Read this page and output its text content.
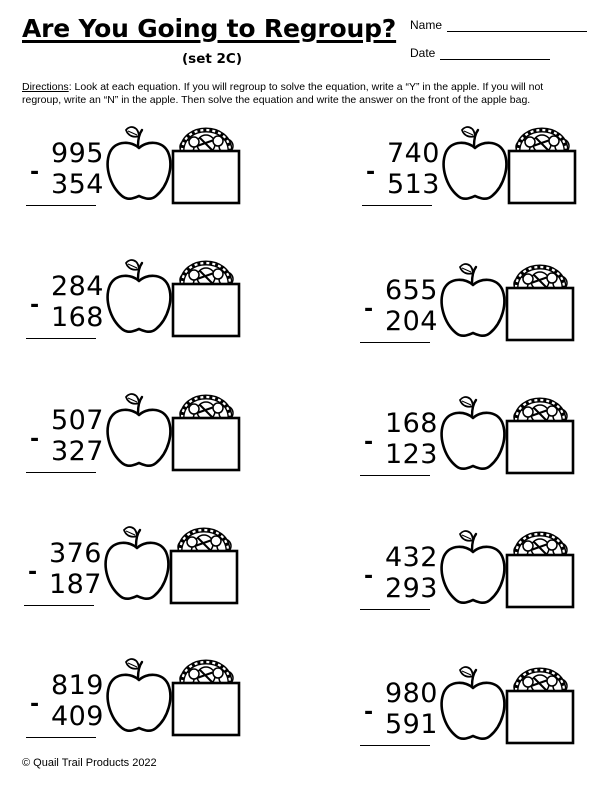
Are You Going to Regroup?
(set 2C)
Name
Date
Directions: Look at each equation. If you will regroup to solve the equation, write a “Y” in the apple. If you will not regroup, write an “N” in the apple. Then solve the equation and write the answer on the front of the apple bag.
995
- 354
740
- 513
284
- 168
655
- 204
507
- 327
168
- 123
376
- 187
432
- 293
819
- 409
980
- 591
© Quail Trail Products 2022
